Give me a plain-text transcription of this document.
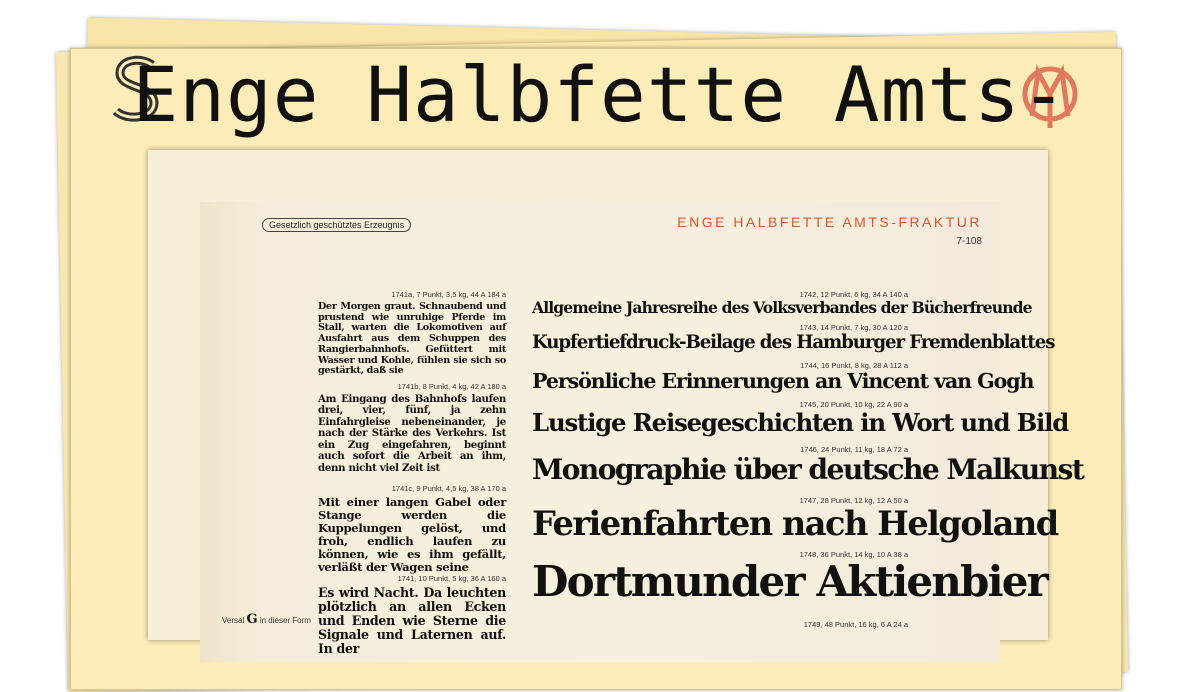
Enge Halbfette Amts-
Gesetzlich geschütztes Erzeugnis	ENGE HALBFETTE AMTS-FRAKTUR
7-108
1741a, 7 Punkt, 3,5 kg, 44 A 184 a
Der Morgen graut. Schnaubend und prustend wie unruhige Pferde im Stall, warten die Lokomotiven auf Ausfahrt aus dem Schuppen des Rangierbahnhofs. Gefüttert mit Wasser und Kohle, fühlen sie sich so gestärkt, daß sie
1741b, 8 Punkt, 4 kg, 42 A 180 a
Am Eingang des Bahnhofs laufen drei, vier, fünf, ja zehn Einfahrgleise nebeneinander, je nach der Stärke des Verkehrs. Ist ein Zug eingefahren, beginnt auch sofort die Arbeit an ihm, denn nicht viel Zeit ist
1741c, 9 Punkt, 4,5 kg, 38 A 170 a
Mit einer langen Gabel oder Stange werden die Kuppelungen gelöst, und froh, endlich laufen zu können, wie es ihm gefällt, verläßt der Wagen seine
1741, 10 Punkt, 5 kg, 36 A 160 a
Es wird Nacht. Da leuchten plötzlich an allen Ecken und Enden wie Sterne die Signale und Laternen auf. In der
Versal G in dieser Form
1742, 12 Punkt, 6 kg, 34 A 140 a
Allgemeine Jahresreihe des Volksverbandes der Bücherfreunde
1743, 14 Punkt, 7 kg, 30 A 120 a
Kupfertiefdruck-Beilage des Hamburger Fremdenblattes
1744, 16 Punkt, 8 kg, 28 A 112 a
Persönliche Erinnerungen an Vincent van Gogh
1745, 20 Punkt, 10 kg, 22 A 90 a
Lustige Reisegeschichten in Wort und Bild
1746, 24 Punkt, 11 kg, 18 A 72 a
Monographie über deutsche Malkunst
1747, 28 Punkt, 12 kg, 12 A 50 a
Ferienfahrten nach Helgoland
1748, 36 Punkt, 14 kg, 10 A 38 a
Dortmunder Aktienbier
1749, 48 Punkt, 16 kg, 6 A 24 a
